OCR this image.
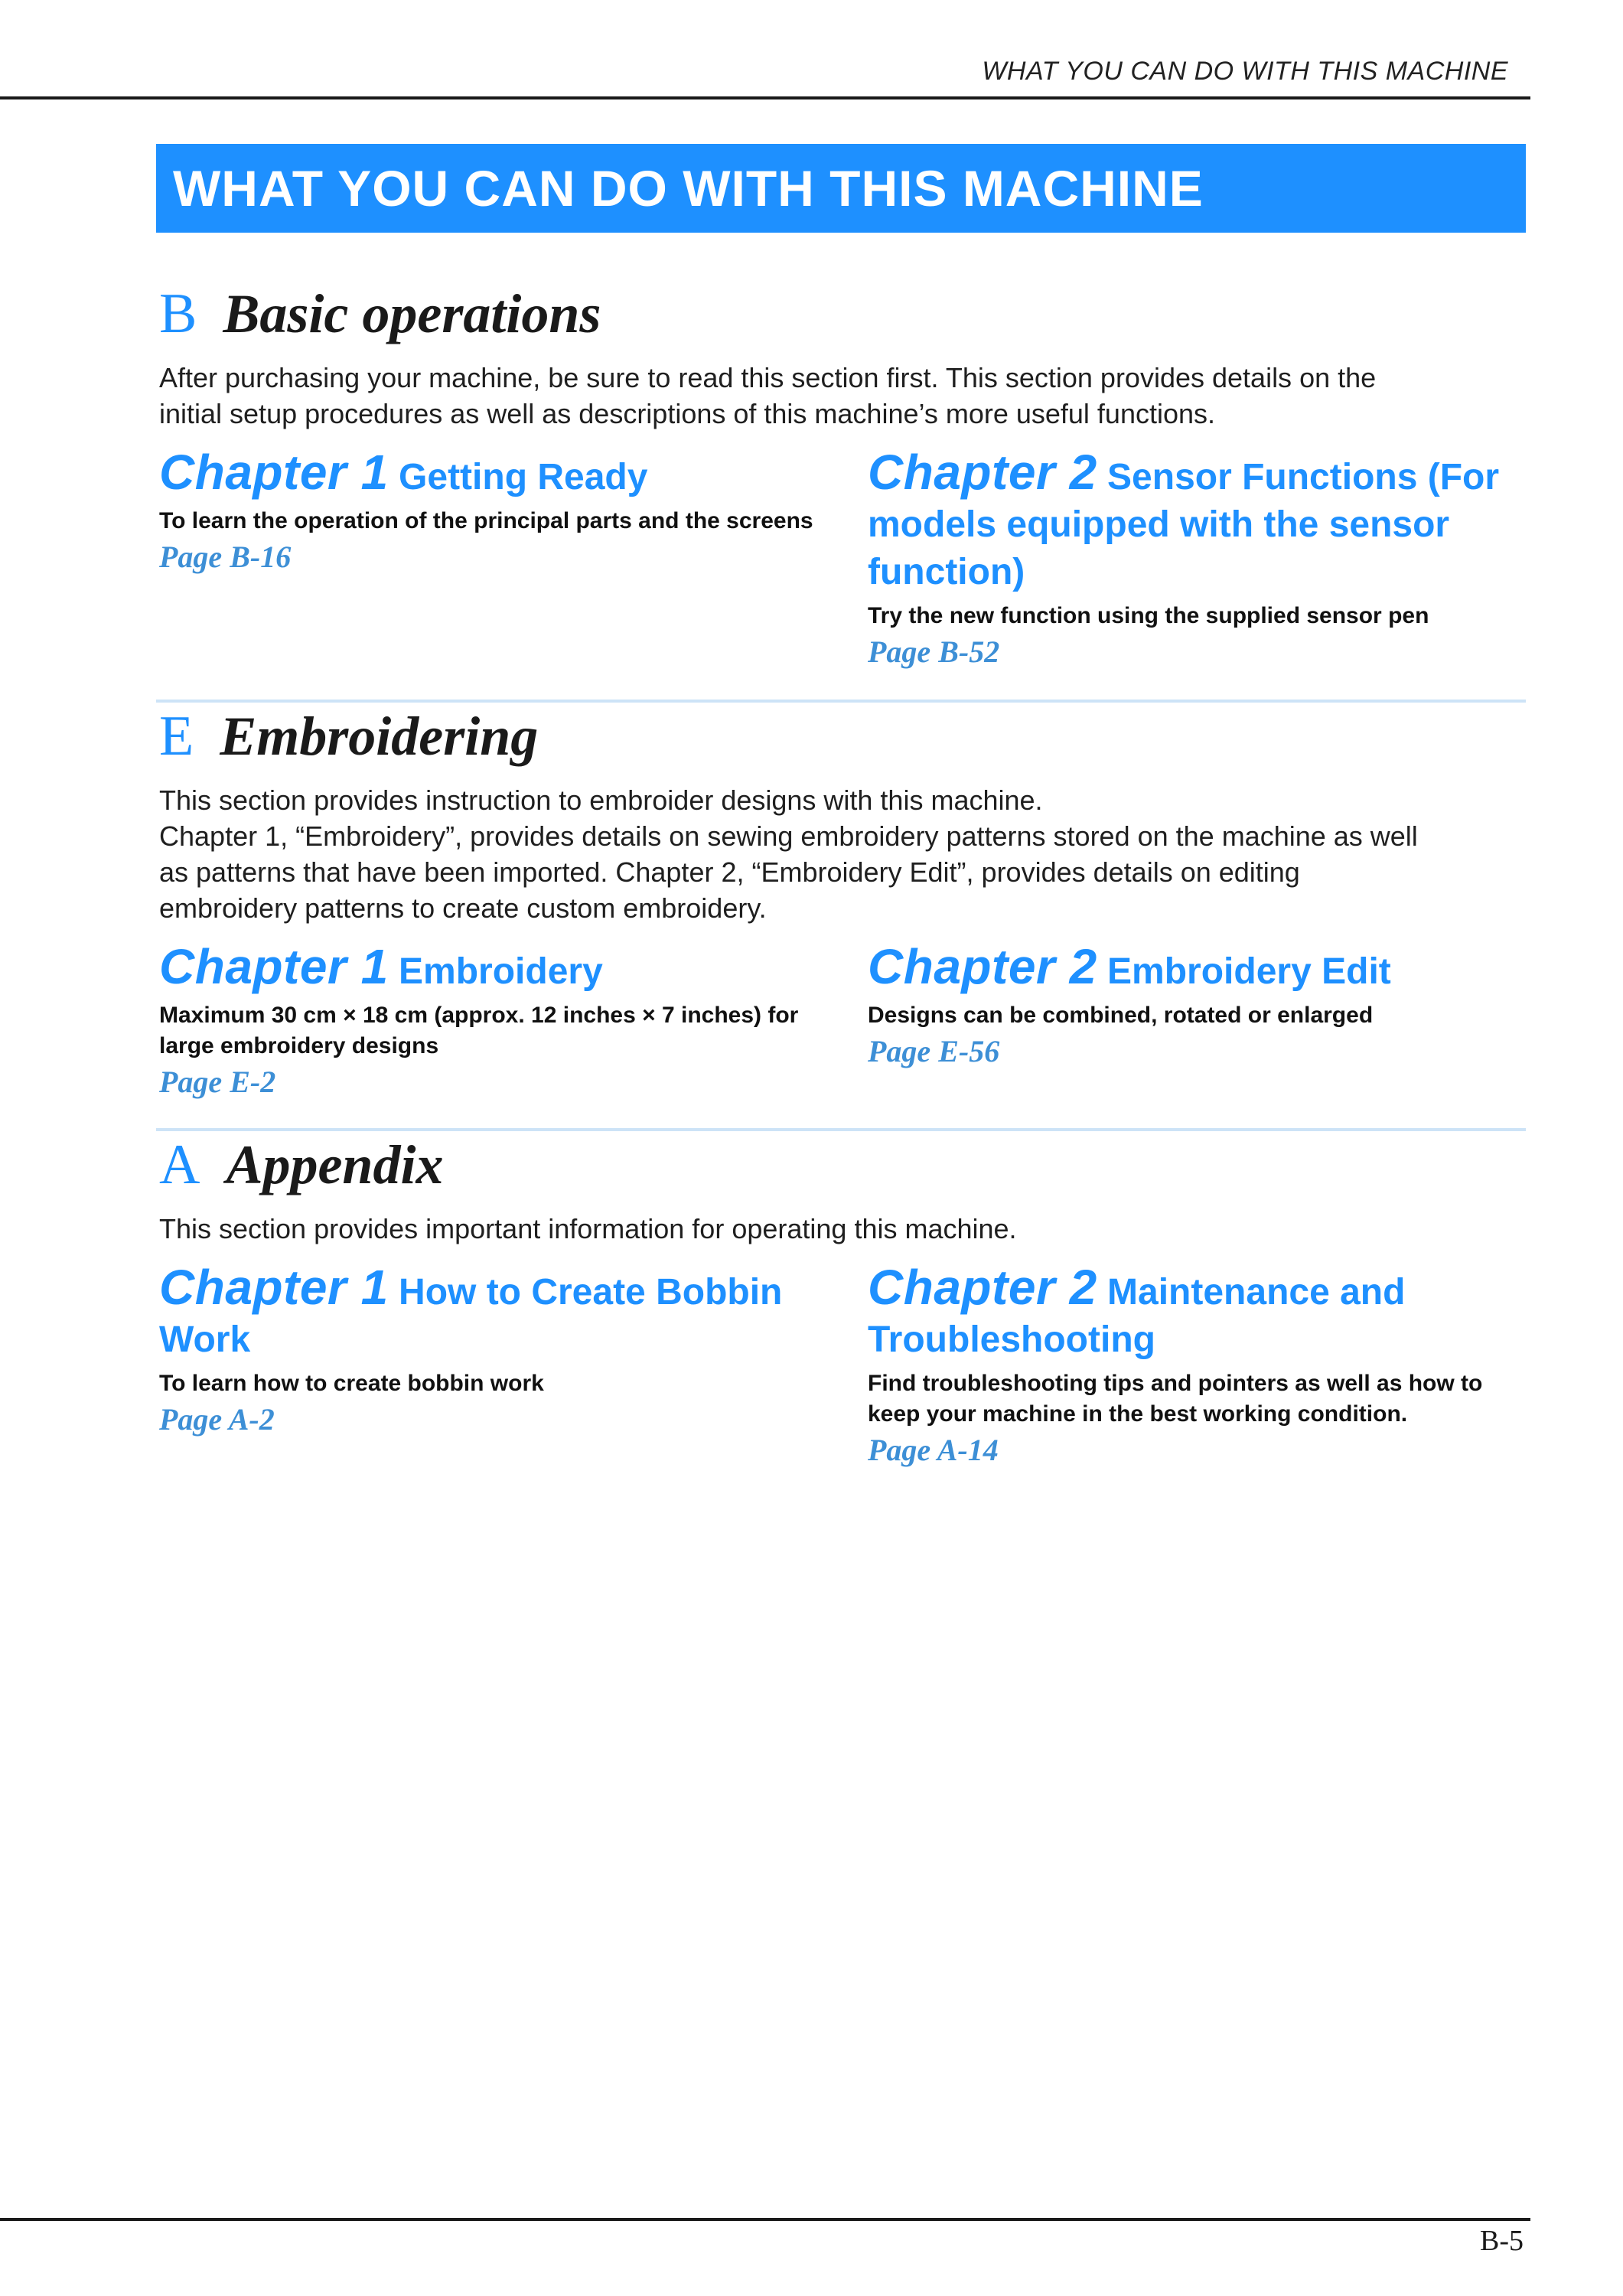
WHAT YOU CAN DO WITH THIS MACHINE
WHAT YOU CAN DO WITH THIS MACHINE
B Basic operations
After purchasing your machine, be sure to read this section first. This section provides details on the
initial setup procedures as well as descriptions of this machine’s more useful functions.
Chapter 1 Getting Ready
To learn the operation of the principal parts and the screens
Page B-16
Chapter 2 Sensor Functions (For models equipped with the sensor function)
Try the new function using the supplied sensor pen
Page B-52
E Embroidering
This section provides instruction to embroider designs with this machine.
Chapter 1, “Embroidery”, provides details on sewing embroidery patterns stored on the machine as well
as patterns that have been imported. Chapter 2, “Embroidery Edit”, provides details on editing
embroidery patterns to create custom embroidery.
Chapter 1 Embroidery
Maximum 30 cm × 18 cm (approx. 12 inches × 7 inches) for large embroidery designs
Page E-2
Chapter 2 Embroidery Edit
Designs can be combined, rotated or enlarged
Page E-56
A Appendix
This section provides important information for operating this machine.
Chapter 1 How to Create Bobbin Work
To learn how to create bobbin work
Page A-2
Chapter 2 Maintenance and Troubleshooting
Find troubleshooting tips and pointers as well as how to keep your machine in the best working condition.
Page A-14
B-5
